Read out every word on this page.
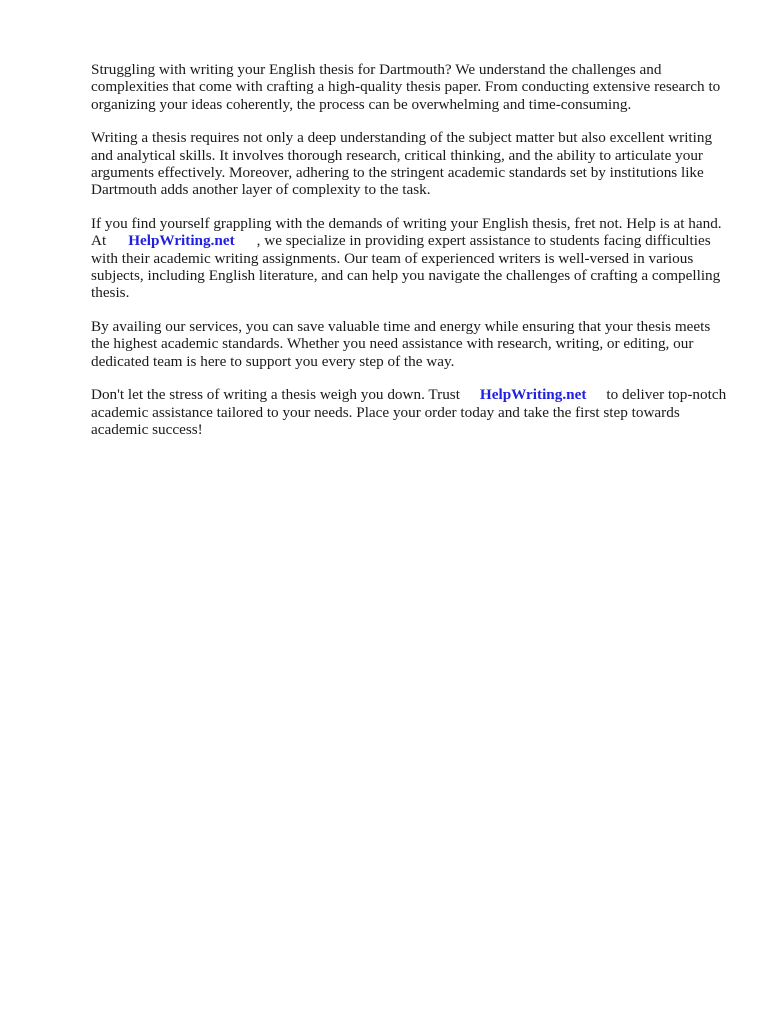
Struggling with writing your English thesis for Dartmouth? We understand the challenges and complexities that come with crafting a high-quality thesis paper. From conducting extensive research to organizing your ideas coherently, the process can be overwhelming and time-consuming.

Writing a thesis requires not only a deep understanding of the subject matter but also excellent writing and analytical skills. It involves thorough research, critical thinking, and the ability to articulate your arguments effectively. Moreover, adhering to the stringent academic standards set by institutions like Dartmouth adds another layer of complexity to the task.

If you find yourself grappling with the demands of writing your English thesis, fret not. Help is at hand. At HelpWriting.net , we specialize in providing expert assistance to students facing difficulties with their academic writing assignments. Our team of experienced writers is well-versed in various subjects, including English literature, and can help you navigate the challenges of crafting a compelling thesis.

By availing our services, you can save valuable time and energy while ensuring that your thesis meets the highest academic standards. Whether you need assistance with research, writing, or editing, our dedicated team is here to support you every step of the way.

Don't let the stress of writing a thesis weigh you down. Trust HelpWriting.net to deliver top-notch academic assistance tailored to your needs. Place your order today and take the first step towards academic success!
